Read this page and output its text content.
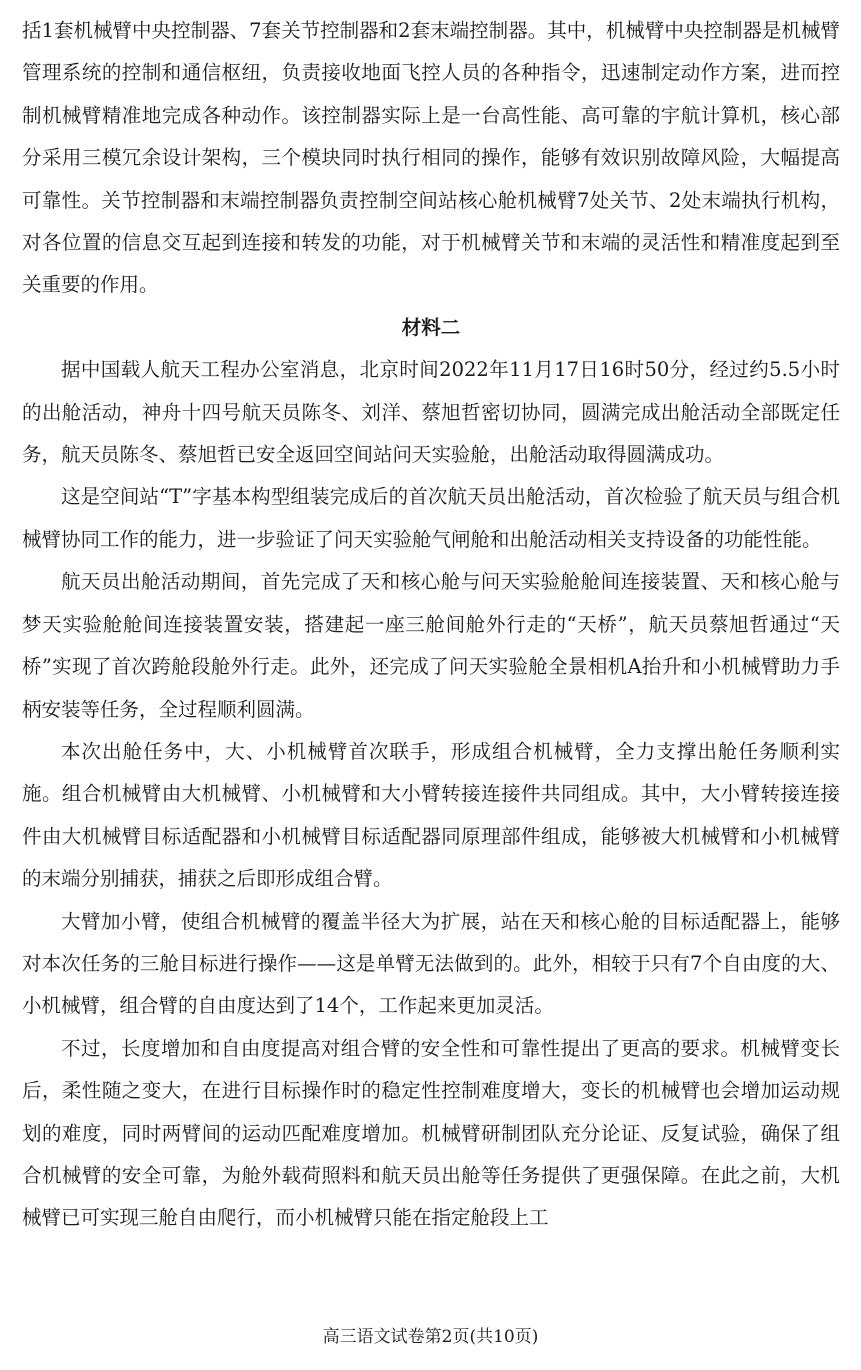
括1套机械臂中央控制器、7套关节控制器和2套末端控制器。其中，机械臂中央控制器是机械臂管理系统的控制和通信枢纽，负责接收地面飞控人员的各种指令，迅速制定动作方案，进而控制机械臂精准地完成各种动作。该控制器实际上是一台高性能、高可靠的宇航计算机，核心部分采用三模冗余设计架构，三个模块同时执行相同的操作，能够有效识别故障风险，大幅提高可靠性。关节控制器和末端控制器负责控制空间站核心舱机械臂7处关节、2处末端执行机构，对各位置的信息交互起到连接和转发的功能，对于机械臂关节和末端的灵活性和精准度起到至关重要的作用。

材料二

据中国载人航天工程办公室消息，北京时间2022年11月17日16时50分，经过约5.5小时的出舱活动，神舟十四号航天员陈冬、刘洋、蔡旭哲密切协同，圆满完成出舱活动全部既定任务，航天员陈冬、蔡旭哲已安全返回空间站问天实验舱，出舱活动取得圆满成功。

这是空间站“T”字基本构型组装完成后的首次航天员出舱活动，首次检验了航天员与组合机械臂协同工作的能力，进一步验证了问天实验舱气闸舱和出舱活动相关支持设备的功能性能。

航天员出舱活动期间，首先完成了天和核心舱与问天实验舱舱间连接装置、天和核心舱与梦天实验舱舱间连接装置安装，搭建起一座三舱间舱外行走的“天桥”，航天员蔡旭哲通过“天桥”实现了首次跨舱段舱外行走。此外，还完成了问天实验舱全景相机A抬升和小机械臂助力手柄安装等任务，全过程顺利圆满。

本次出舱任务中，大、小机械臂首次联手，形成组合机械臂，全力支撑出舱任务顺利实施。组合机械臂由大机械臂、小机械臂和大小臂转接连接件共同组成。其中，大小臂转接连接件由大机械臂目标适配器和小机械臂目标适配器同原理部件组成，能够被大机械臂和小机械臂的末端分别捕获，捕获之后即形成组合臂。

大臂加小臂，使组合机械臂的覆盖半径大为扩展，站在天和核心舱的目标适配器上，能够对本次任务的三舱目标进行操作——这是单臂无法做到的。此外，相较于只有7个自由度的大、小机械臂，组合臂的自由度达到了14个，工作起来更加灵活。

不过，长度增加和自由度提高对组合臂的安全性和可靠性提出了更高的要求。机械臂变长后，柔性随之变大，在进行目标操作时的稳定性控制难度增大，变长的机械臂也会增加运动规划的难度，同时两臂间的运动匹配难度增加。机械臂研制团队充分论证、反复试验，确保了组合机械臂的安全可靠，为舱外载荷照料和航天员出舱等任务提供了更强保障。在此之前，大机械臂已可实现三舱自由爬行，而小机械臂只能在指定舱段上工

高三语文试卷第2页(共10页)
